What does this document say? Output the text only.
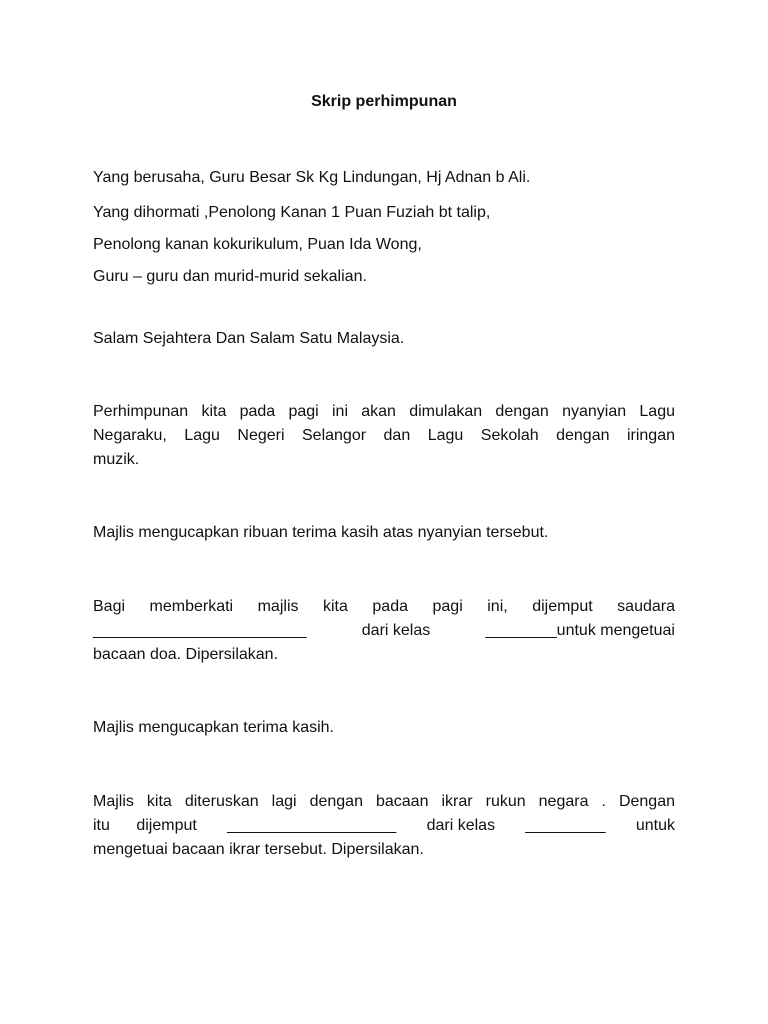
Skrip perhimpunan
Yang berusaha, Guru Besar Sk Kg Lindungan, Hj Adnan b Ali.
Yang dihormati ,Penolong Kanan 1 Puan Fuziah bt talip,
Penolong kanan kokurikulum, Puan Ida Wong,
Guru – guru dan murid-murid sekalian.
Salam Sejahtera Dan Salam Satu Malaysia.
Perhimpunan kita pada pagi ini akan dimulakan dengan nyanyian Lagu
Negaraku, Lagu Negeri Selangor dan Lagu Sekolah dengan iringan
muzik.
Majlis mengucapkan ribuan terima kasih atas nyanyian tersebut.
Bagi memberkati majlis kita pada pagi ini, dijemput saudara
________________________	dari kelas	________untuk mengetuai
bacaan doa. Dipersilakan.
Majlis mengucapkan terima kasih.
Majlis kita diteruskan lagi dengan bacaan ikrar rukun negara . Dengan
itu dijemput ___________________ dari kelas _________ untuk
mengetuai bacaan ikrar tersebut. Dipersilakan.
